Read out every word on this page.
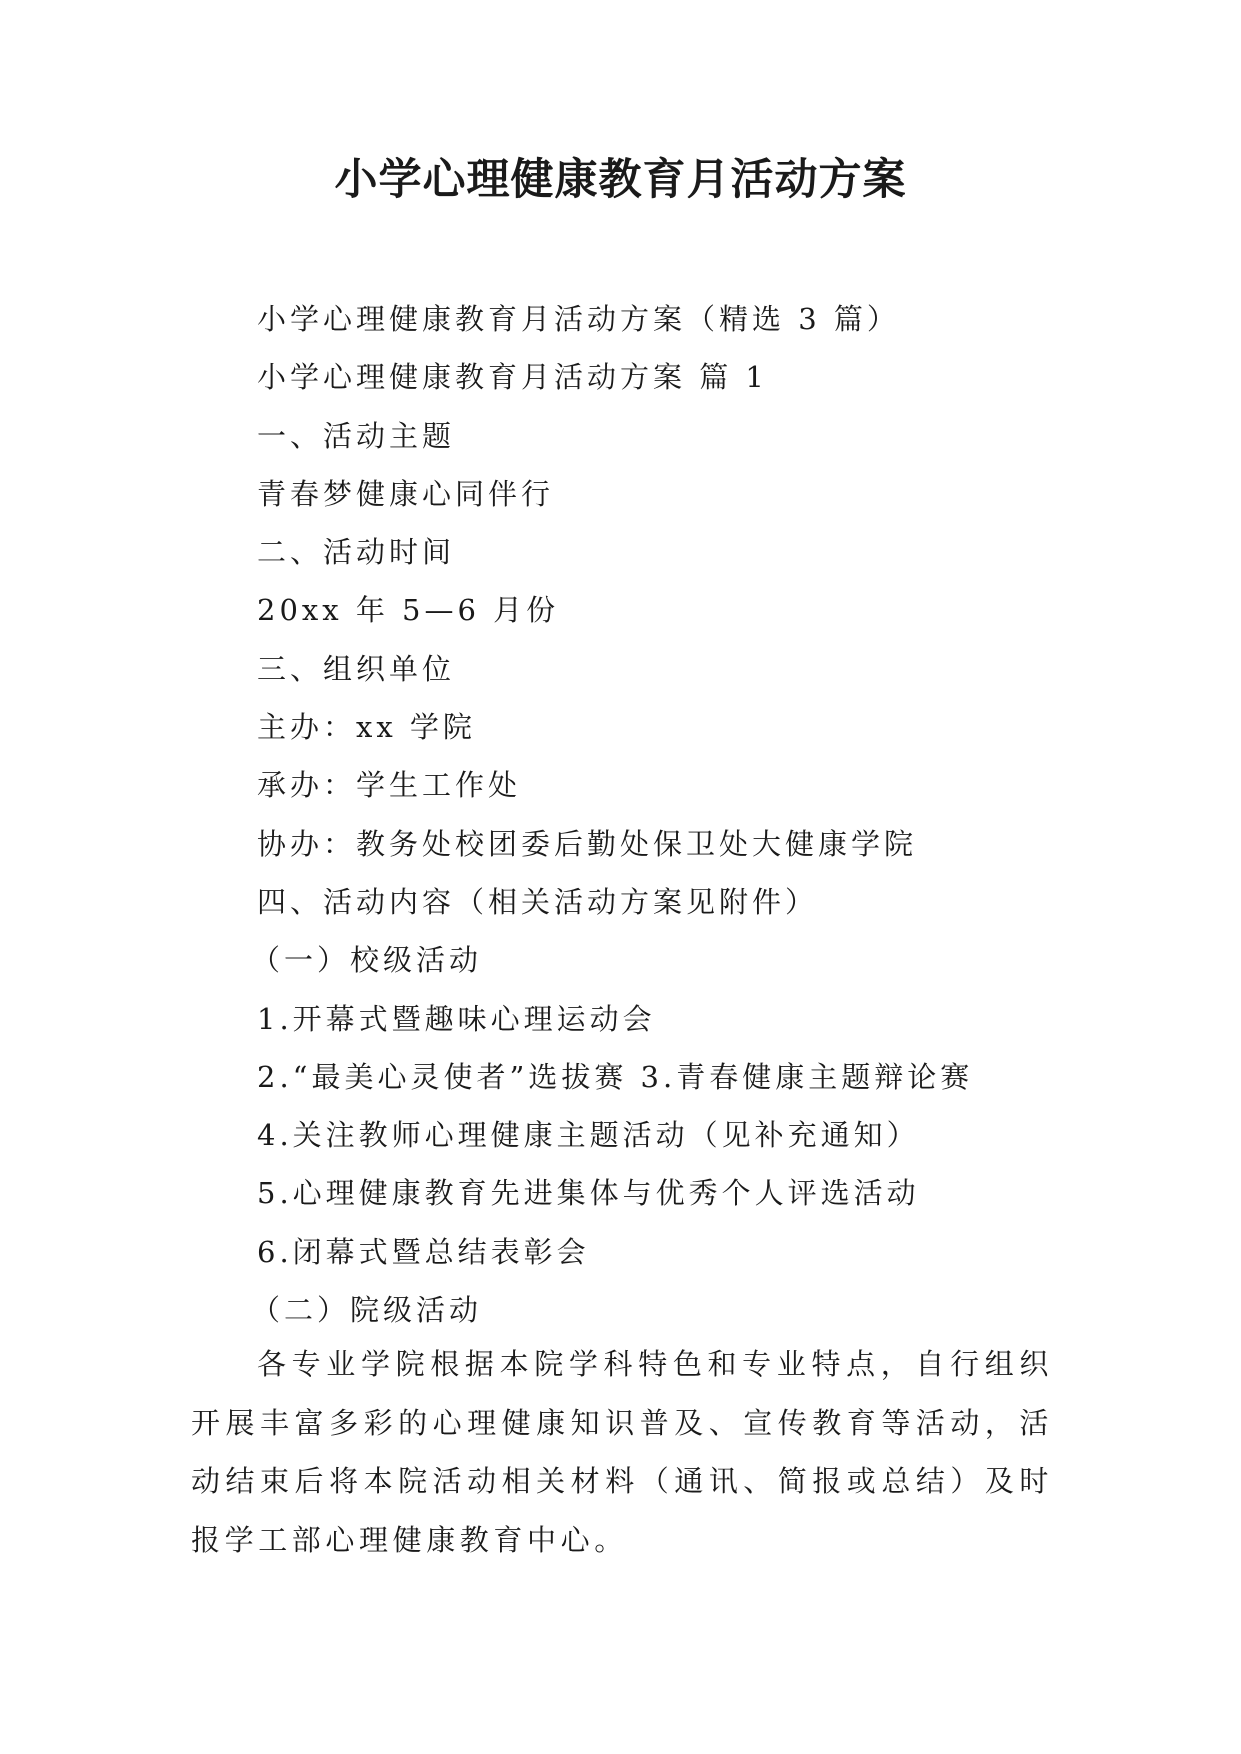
小学心理健康教育月活动方案

小学心理健康教育月活动方案（精选 3 篇）

小学心理健康教育月活动方案 篇 1

一、活动主题

青春梦健康心同伴行

二、活动时间

20xx 年 5—6 月份

三、组织单位

主办：xx 学院

承办：学生工作处

协办：教务处校团委后勤处保卫处大健康学院

四、活动内容（相关活动方案见附件）

（一）校级活动

1.开幕式暨趣味心理运动会

2.“最美心灵使者”选拔赛 3.青春健康主题辩论赛

4.关注教师心理健康主题活动（见补充通知）

5.心理健康教育先进集体与优秀个人评选活动

6.闭幕式暨总结表彰会

（二）院级活动

各专业学院根据本院学科特色和专业特点，自行组织开展丰富多彩的心理健康知识普及、宣传教育等活动，活动结束后将本院活动相关材料（通讯、简报或总结）及时报学工部心理健康教育中心。
